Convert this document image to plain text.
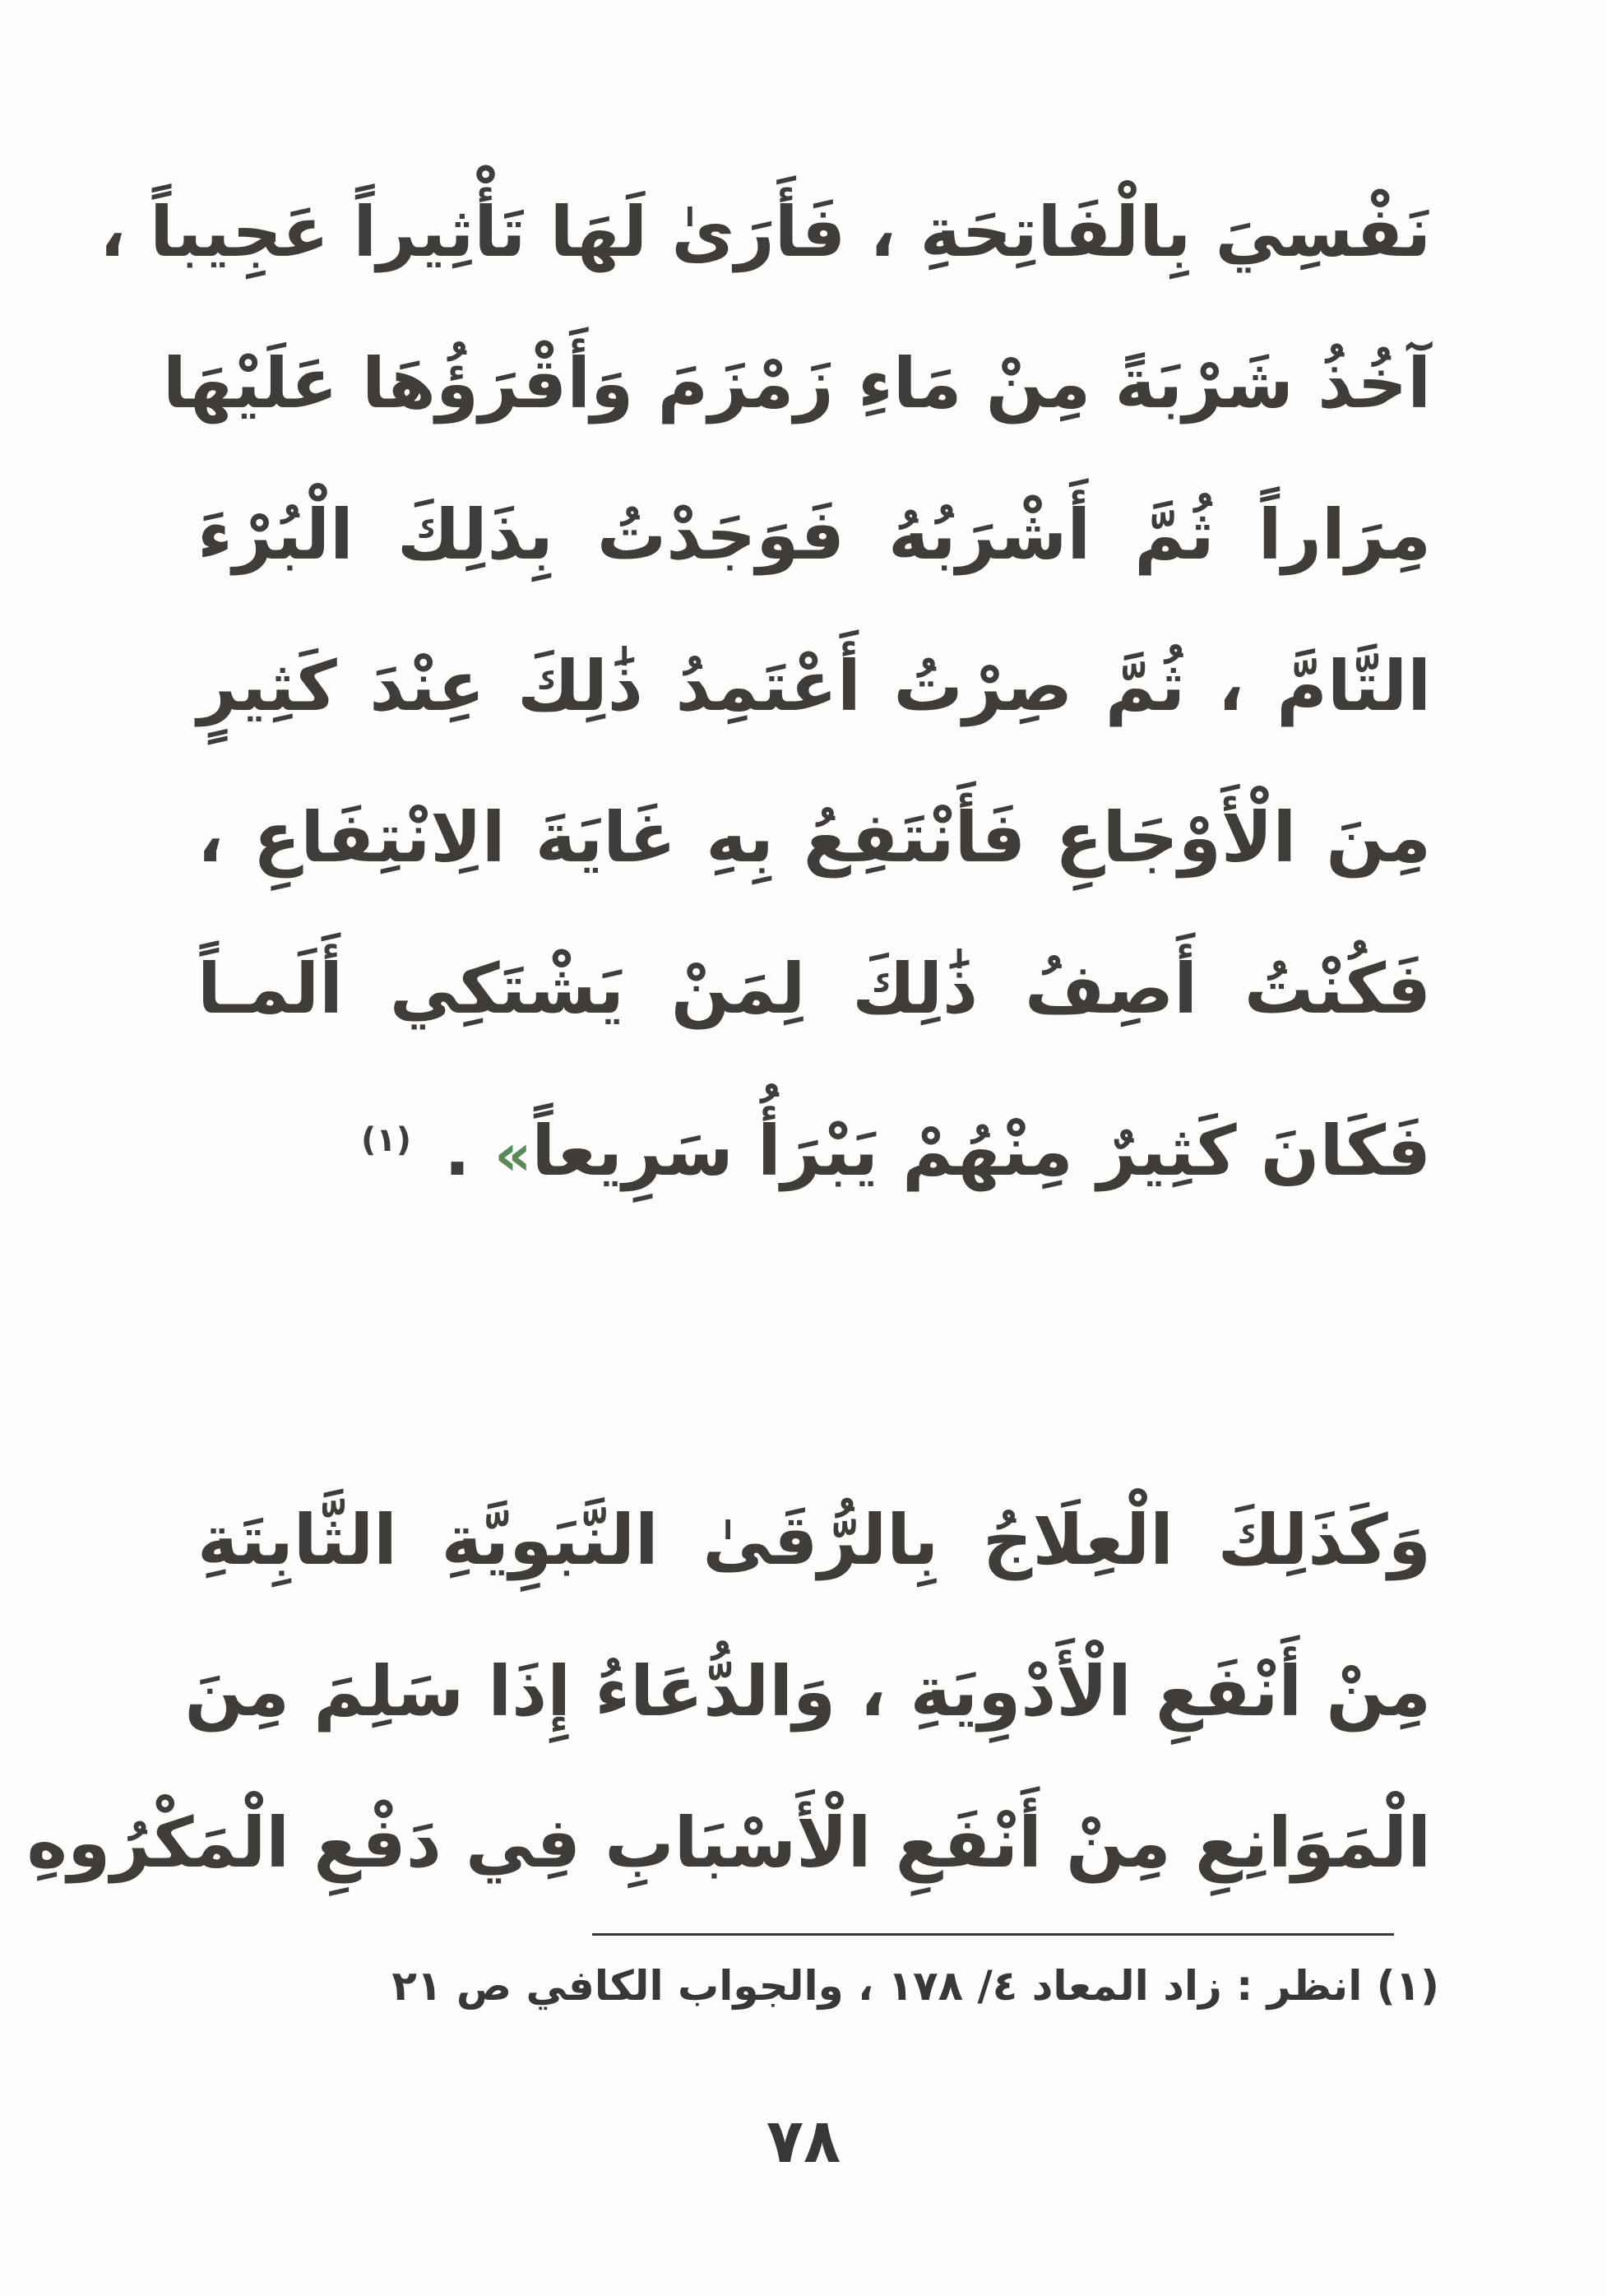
نَفْسِيَ بِالْفَاتِحَةِ ، فَأَرَىٰ لَهَا تَأْثِيراً عَجِيباً ،
آخُذُ شَرْبَةً مِنْ مَاءِ زَمْزَمَ وَأَقْرَؤُهَا عَلَيْهَا
مِرَاراً ثُمَّ أَشْرَبُهُ فَوَجَدْتُ بِذَلِكَ الْبُرْءَ
التَّامَّ ، ثُمَّ صِرْتُ أَعْتَمِدُ ذَٰلِكَ عِنْدَ كَثِيرٍ
مِنَ الْأَوْجَاعِ فَأَنْتَفِعُ بِهِ غَايَةَ الِانْتِفَاعِ ،
فَكُنْتُ أَصِفُ ذَٰلِكَ لِمَنْ يَشْتَكِي أَلَمـاً
فَكَانَ كَثِيرٌ مِنْهُمْ يَبْرَأُ سَرِيعاً» .(١)
وَكَذَلِكَ الْعِلَاجُ بِالرُّقَىٰ النَّبَوِيَّةِ الثَّابِتَةِ
مِنْ أَنْفَعِ الْأَدْوِيَةِ ، وَالدُّعَاءُ إِذَا سَلِمَ مِنَ
الْمَوَانِعِ مِنْ أَنْفَعِ الْأَسْبَابِ فِي دَفْعِ الْمَكْرُوهِ
(١) انظر : زاد المعاد ٤/ ١٧٨ ، والجواب الكافي ص ٢١
٧٨
